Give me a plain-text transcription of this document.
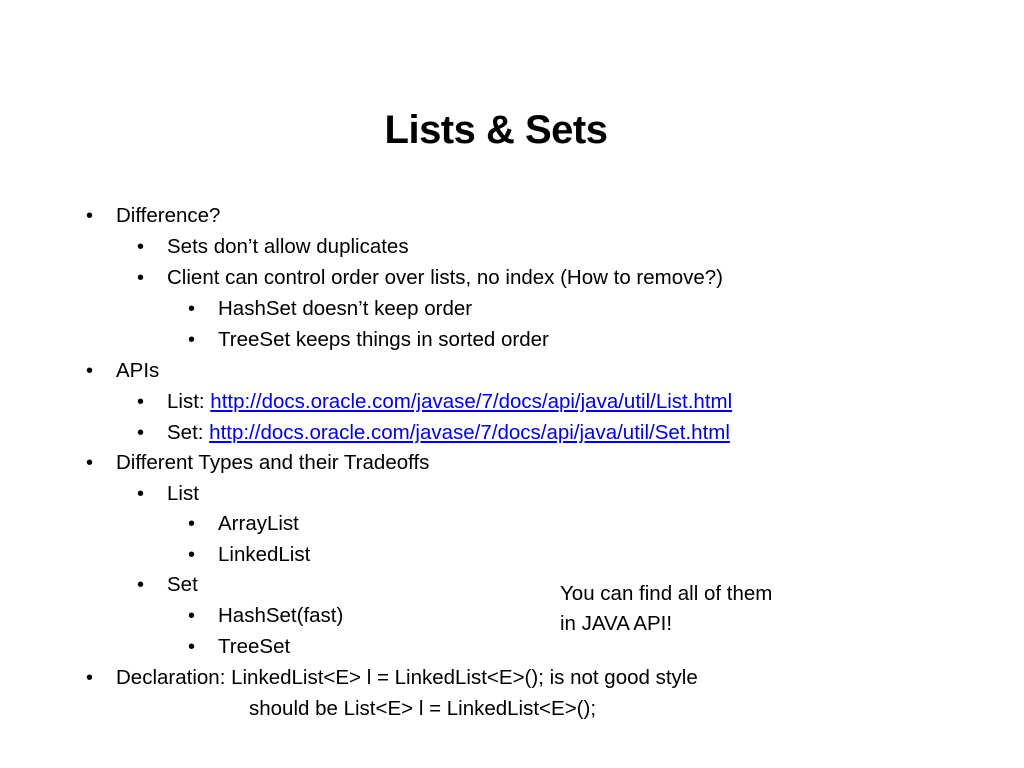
Lists & Sets
• Difference?
• Sets don’t allow duplicates
• Client can control order over lists, no index (How to remove?)
• HashSet doesn’t keep order
• TreeSet keeps things in sorted order
• APIs
• List: http://docs.oracle.com/javase/7/docs/api/java/util/List.html
• Set: http://docs.oracle.com/javase/7/docs/api/java/util/Set.html
• Different Types and their Tradeoffs
• List
• ArrayList
• LinkedList
• Set
• HashSet(fast)
• TreeSet
• Declaration: LinkedList<E> l = LinkedList<E>(); is not good style
should be List<E> l = LinkedList<E>();
You can find all of them
in JAVA API!
